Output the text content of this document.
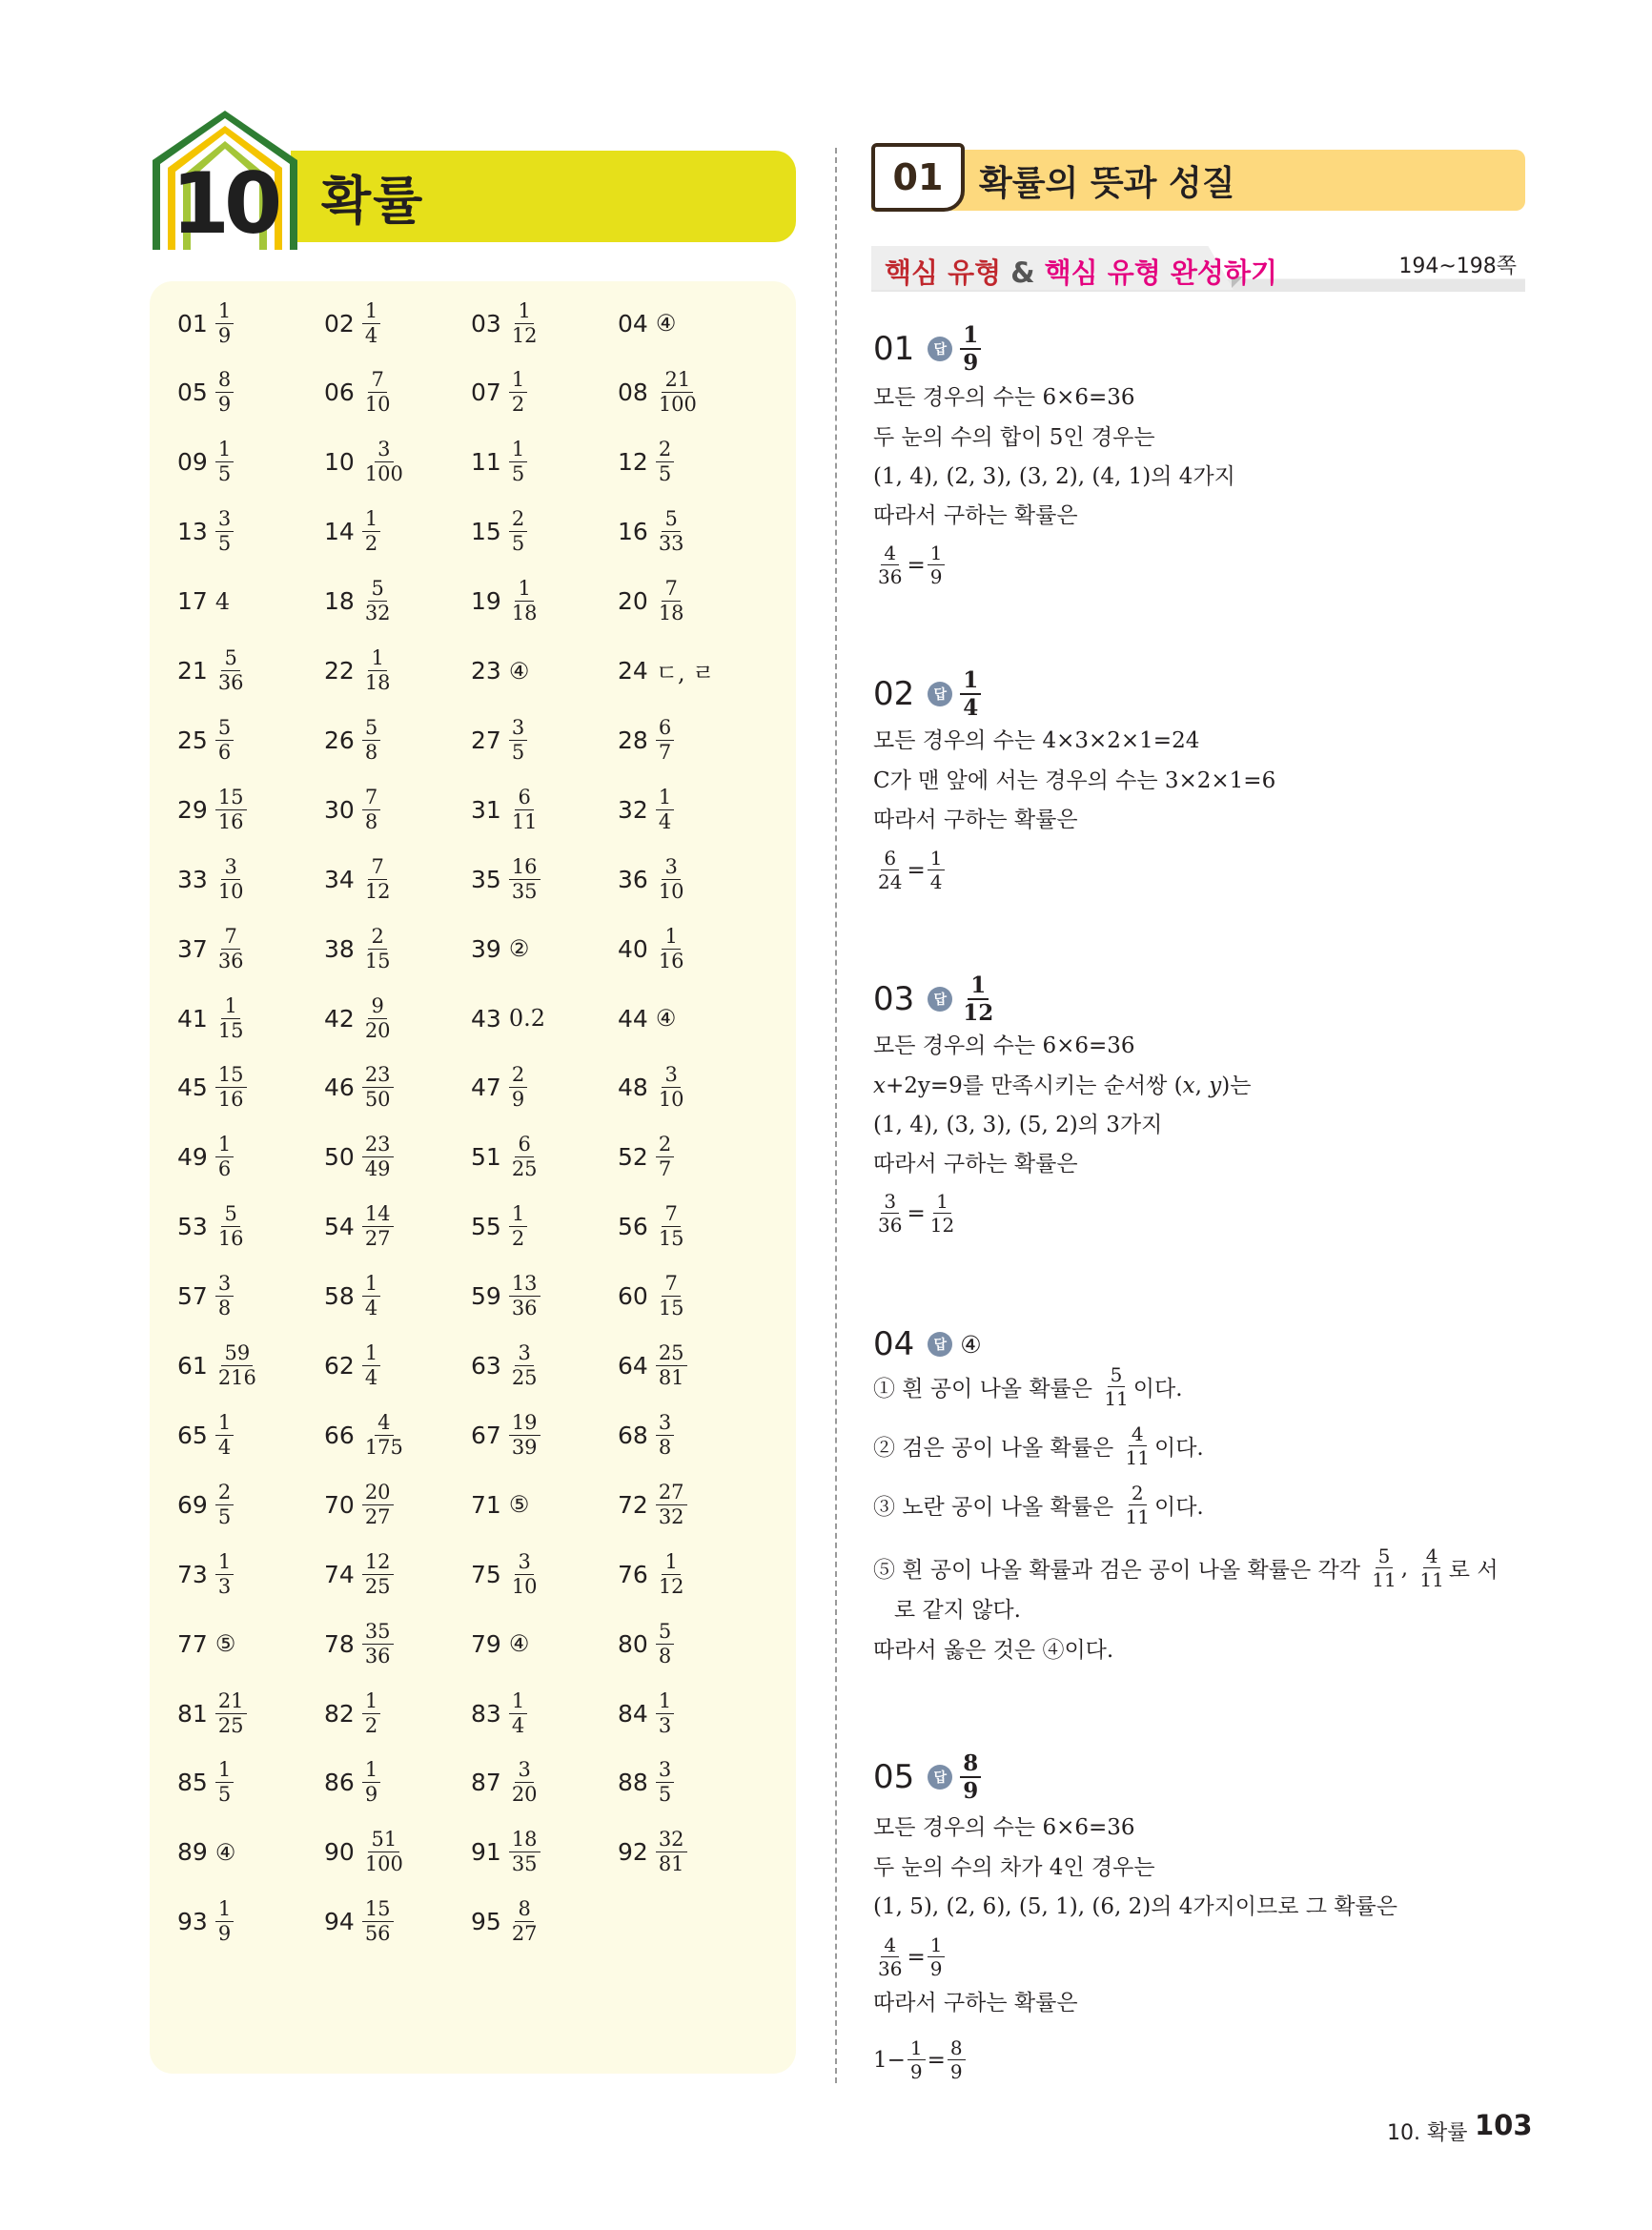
10 확률
$01 \frac{1}{9}$	$02 \frac{1}{4}$	$03 \frac{1}{12}$	04 ④
$05 \frac{8}{9}$	$06 \frac{7}{10}$	$07 \frac{1}{2}$	$08 \frac{21}{100}$
$09 \frac{1}{5}$	$10 \frac{3}{100}$	$11 \frac{1}{5}$	$12 \frac{2}{5}$
$13 \frac{3}{5}$	$14 \frac{1}{2}$	$15 \frac{2}{5}$	$16 \frac{5}{33}$
17 4	$18 \frac{5}{32}$	$19 \frac{1}{18}$	$20 \frac{7}{18}$
$21 \frac{5}{36}$	$22 \frac{1}{18}$	23 ④	24 ㄷ, ㄹ
$25 \frac{5}{6}$	$26 \frac{5}{8}$	$27 \frac{3}{5}$	$28 \frac{6}{7}$
$29 \frac{15}{16}$	$30 \frac{7}{8}$	$31 \frac{6}{11}$	$32 \frac{1}{4}$
$33 \frac{3}{10}$	$34 \frac{7}{12}$	$35 \frac{16}{35}$	$36 \frac{3}{10}$
$37 \frac{7}{36}$	$38 \frac{2}{15}$	39 ②	$40 \frac{1}{16}$
$41 \frac{1}{15}$	$42 \frac{9}{20}$	43 0.2	44 ④
$45 \frac{15}{16}$	$46 \frac{23}{50}$	$47 \frac{2}{9}$	$48 \frac{3}{10}$
$49 \frac{1}{6}$	$50 \frac{23}{49}$	$51 \frac{6}{25}$	$52 \frac{2}{7}$
$53 \frac{5}{16}$	$54 \frac{14}{27}$	$55 \frac{1}{2}$	$56 \frac{7}{15}$
$57 \frac{3}{8}$	$58 \frac{1}{4}$	$59 \frac{13}{36}$	$60 \frac{7}{15}$
$61 \frac{59}{216}$	$62 \frac{1}{4}$	$63 \frac{3}{25}$	$64 \frac{25}{81}$
$65 \frac{1}{4}$	$66 \frac{4}{175}$	$67 \frac{19}{39}$	$68 \frac{3}{8}$
$69 \frac{2}{5}$	$70 \frac{20}{27}$	71 ⑤	$72 \frac{27}{32}$
$73 \frac{1}{3}$	$74 \frac{12}{25}$	$75 \frac{3}{10}$	$76 \frac{1}{12}$
77 ⑤	$78 \frac{35}{36}$	79 ④	$80 \frac{5}{8}$
$81 \frac{21}{25}$	$82 \frac{1}{2}$	$83 \frac{1}{4}$	$84 \frac{1}{3}$
$85 \frac{1}{5}$	$86 \frac{1}{9}$	$87 \frac{3}{20}$	$88 \frac{3}{5}$
89 ④	$90 \frac{51}{100}$	$91 \frac{18}{35}$	$92 \frac{32}{81}$
$93 \frac{1}{9}$	$94 \frac{15}{56}$	$95 \frac{8}{27}$
01	확률의 뜻과 성질
핵심 유형 & 핵심 유형 완성하기	194~198쪽
01	답 $\frac{1}{9}$
모든 경우의 수는 6×6=36
두 눈의 수의 합이 5인 경우는
(1, 4), (2, 3), (3, 2), (4, 1)의 4가지
따라서 구하는 확률은
$\frac{4}{36} = \frac{1}{9}$
02	답 $\frac{1}{4}$
모든 경우의 수는 4×3×2×1=24
C가 맨 앞에 서는 경우의 수는 3×2×1=6
따라서 구하는 확률은
$\frac{6}{24} = \frac{1}{4}$
03	답 $\frac{1}{12}$
모든 경우의 수는 6×6=36
x+2y=9를 만족시키는 순서쌍 (x, y)는
(1, 4), (3, 3), (5, 2)의 3가지
따라서 구하는 확률은
$\frac{3}{36} = \frac{1}{12}$
04	답 ④
① 흰 공이 나올 확률은 $\frac{5}{11}$ 이다.
② 검은 공이 나올 확률은 $\frac{4}{11}$ 이다.
③ 노란 공이 나올 확률은 $\frac{2}{11}$ 이다.
⑤ 흰 공이 나올 확률과 검은 공이 나올 확률은 각각 $\frac{5}{11}$ , $\frac{4}{11}$ 로 서
로 같지 않다.
따라서 옳은 것은 ④이다.
05	답 $\frac{8}{9}$
모든 경우의 수는 6×6=36
두 눈의 수의 차가 4인 경우는
(1, 5), (2, 6), (5, 1), (6, 2)의 4가지이므로 그 확률은
$\frac{4}{36} = \frac{1}{9}$
따라서 구하는 확률은
$1- \frac{1}{9} = \frac{8}{9}$
10. 확률 103
